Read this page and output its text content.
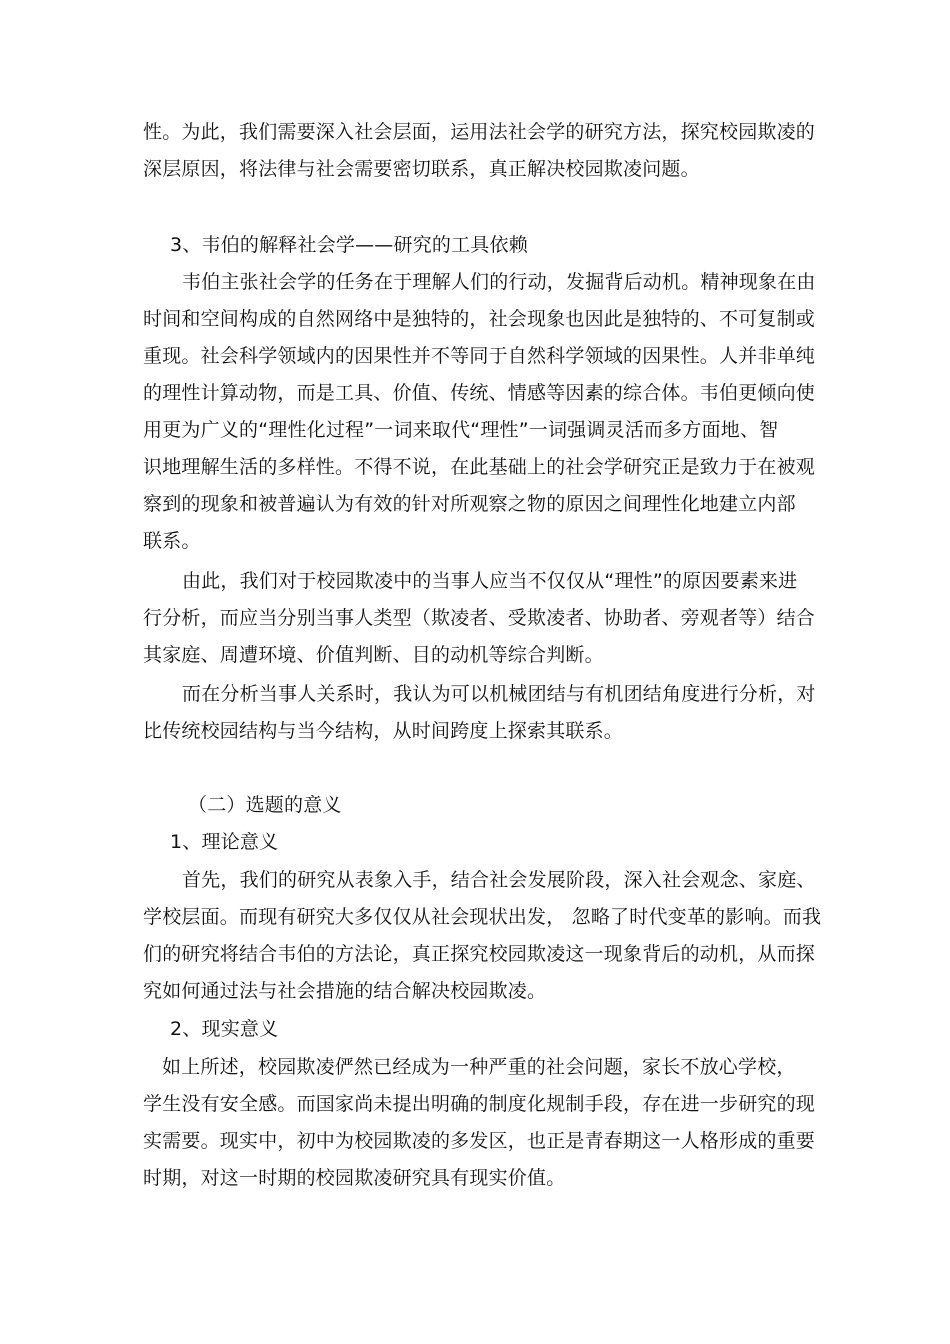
性。为此，我们需要深入社会层面，运用法社会学的研究方法，探究校园欺凌的
深层原因，将法律与社会需要密切联系，真正解决校园欺凌问题。
3、韦伯的解释社会学——研究的工具依赖
韦伯主张社会学的任务在于理解人们的行动，发掘背后动机。精神现象在由
时间和空间构成的自然网络中是独特的，社会现象也因此是独特的、不可复制或
重现。社会科学领域内的因果性并不等同于自然科学领域的因果性。人并非单纯
的理性计算动物，而是工具、价值、传统、情感等因素的综合体。韦伯更倾向使
用更为广义的“理性化过程”一词来取代“理性”一词强调灵活而多方面地、智
识地理解生活的多样性。不得不说，在此基础上的社会学研究正是致力于在被观
察到的现象和被普遍认为有效的针对所观察之物的原因之间理性化地建立内部
联系。
由此，我们对于校园欺凌中的当事人应当不仅仅从“理性”的原因要素来进
行分析，而应当分别当事人类型（欺凌者、受欺凌者、协助者、旁观者等）结合
其家庭、周遭环境、价值判断、目的动机等综合判断。
而在分析当事人关系时，我认为可以机械团结与有机团结角度进行分析，对
比传统校园结构与当今结构，从时间跨度上探索其联系。
（二）选题的意义
1、理论意义
首先，我们的研究从表象入手，结合社会发展阶段，深入社会观念、家庭、
学校层面。而现有研究大多仅仅从社会现状出发， 忽略了时代变革的影响。而我
们的研究将结合韦伯的方法论，真正探究校园欺凌这一现象背后的动机，从而探
究如何通过法与社会措施的结合解决校园欺凌。
2、现实意义
如上所述，校园欺凌俨然已经成为一种严重的社会问题，家长不放心学校，
学生没有安全感。而国家尚未提出明确的制度化规制手段，存在进一步研究的现
实需要。现实中，初中为校园欺凌的多发区，也正是青春期这一人格形成的重要
时期，对这一时期的校园欺凌研究具有现实价值。
